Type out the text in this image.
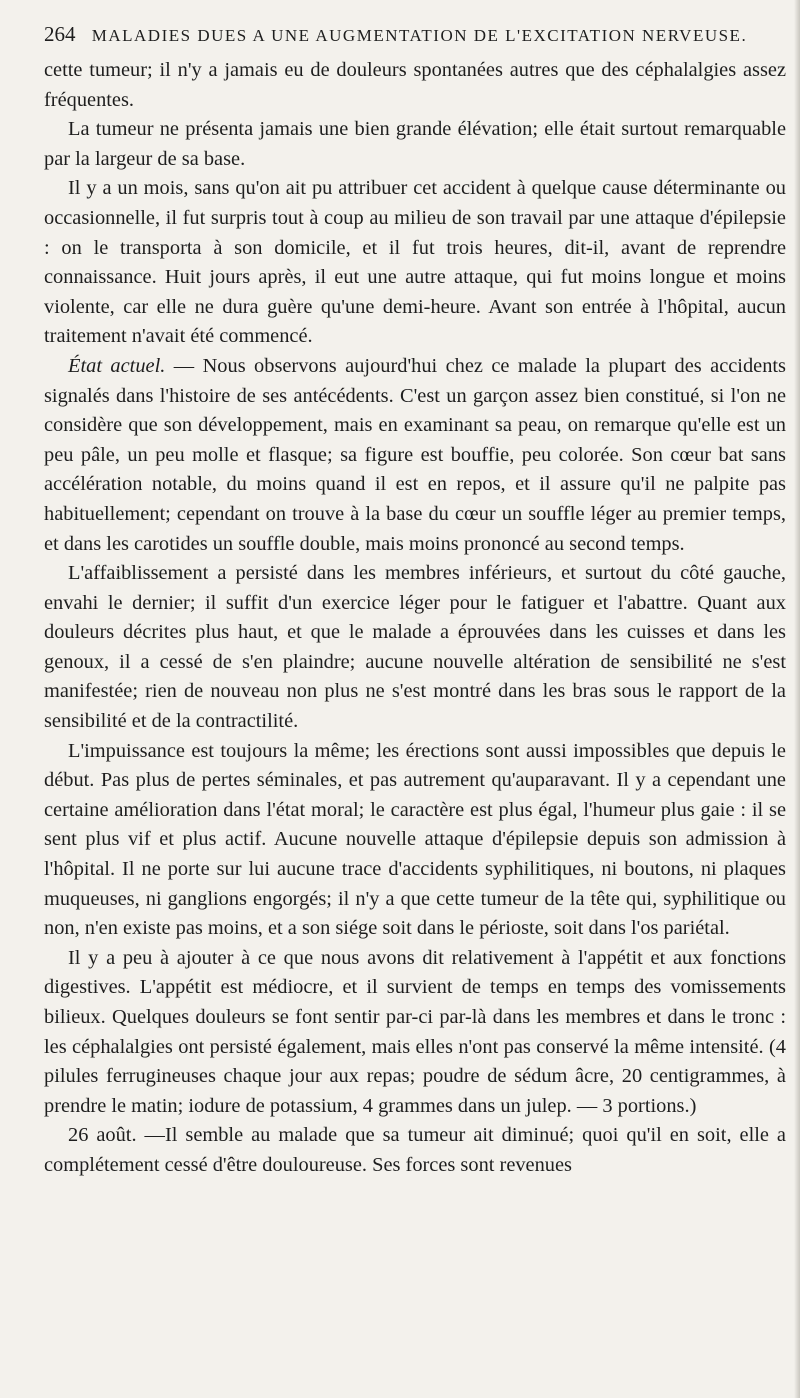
264 MALADIES DUES A UNE AUGMENTATION DE L'EXCITATION NERVEUSE.

cette tumeur; il n'y a jamais eu de douleurs spontanées autres que des céphalalgies assez fréquentes.

La tumeur ne présenta jamais une bien grande élévation; elle était surtout remarquable par la largeur de sa base.

Il y a un mois, sans qu'on ait pu attribuer cet accident à quelque cause déterminante ou occasionnelle, il fut surpris tout à coup au milieu de son travail par une attaque d'épilepsie : on le transporta à son domicile, et il fut trois heures, dit-il, avant de reprendre connaissance. Huit jours après, il eut une autre attaque, qui fut moins longue et moins violente, car elle ne dura guère qu'une demi-heure. Avant son entrée à l'hôpital, aucun traitement n'avait été commencé.

État actuel. — Nous observons aujourd'hui chez ce malade la plupart des accidents signalés dans l'histoire de ses antécédents. C'est un garçon assez bien constitué, si l'on ne considère que son développement, mais en examinant sa peau, on remarque qu'elle est un peu pâle, un peu molle et flasque; sa figure est bouffie, peu colorée. Son cœur bat sans accélération notable, du moins quand il est en repos, et il assure qu'il ne palpite pas habituellement; cependant on trouve à la base du cœur un souffle léger au premier temps, et dans les carotides un souffle double, mais moins prononcé au second temps.

L'affaiblissement a persisté dans les membres inférieurs, et surtout du côté gauche, envahi le dernier; il suffit d'un exercice léger pour le fatiguer et l'abattre. Quant aux douleurs décrites plus haut, et que le malade a éprouvées dans les cuisses et dans les genoux, il a cessé de s'en plaindre; aucune nouvelle altération de sensibilité ne s'est manifestée; rien de nouveau non plus ne s'est montré dans les bras sous le rapport de la sensibilité et de la contractilité.

L'impuissance est toujours la même; les érections sont aussi impossibles que depuis le début. Pas plus de pertes séminales, et pas autrement qu'auparavant. Il y a cependant une certaine amélioration dans l'état moral; le caractère est plus égal, l'humeur plus gaie : il se sent plus vif et plus actif. Aucune nouvelle attaque d'épilepsie depuis son admission à l'hôpital. Il ne porte sur lui aucune trace d'accidents syphilitiques, ni boutons, ni plaques muqueuses, ni ganglions engorgés; il n'y a que cette tumeur de la tête qui, syphilitique ou non, n'en existe pas moins, et a son siége soit dans le périoste, soit dans l'os pariétal.

Il y a peu à ajouter à ce que nous avons dit relativement à l'appétit et aux fonctions digestives. L'appétit est médiocre, et il survient de temps en temps des vomissements bilieux. Quelques douleurs se font sentir par-ci par-là dans les membres et dans le tronc : les céphalalgies ont persisté également, mais elles n'ont pas conservé la même intensité. (4 pilules ferrugineuses chaque jour aux repas; poudre de sédum âcre, 20 centigrammes, à prendre le matin; iodure de potassium, 4 grammes dans un julep. — 3 portions.)

26 août. —Il semble au malade que sa tumeur ait diminué; quoi qu'il en soit, elle a complétement cessé d'être douloureuse. Ses forces sont revenues
